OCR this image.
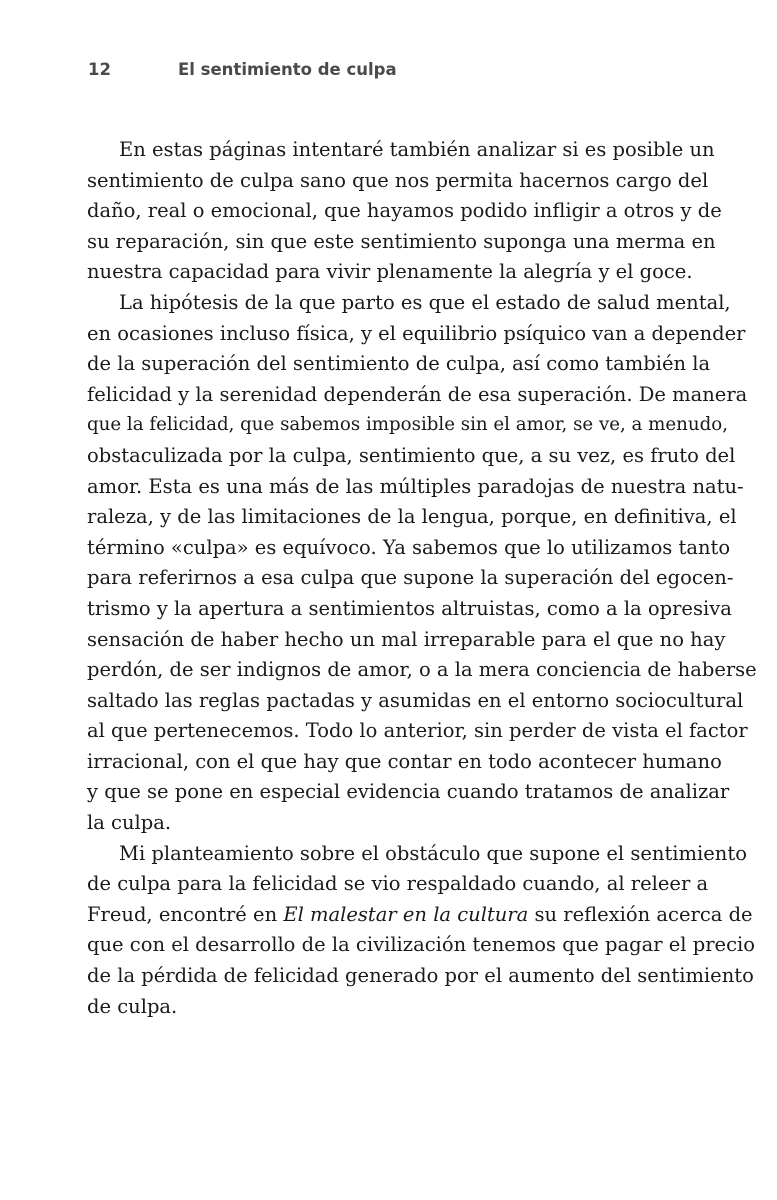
12	El sentimiento de culpa
En estas páginas intentaré también analizar si es posible un
sentimiento de culpa sano que nos permita hacernos cargo del
daño, real o emocional, que hayamos podido infligir a otros y de
su reparación, sin que este sentimiento suponga una merma en
nuestra capacidad para vivir plenamente la alegría y el goce.
La hipótesis de la que parto es que el estado de salud mental,
en ocasiones incluso física, y el equilibrio psíquico van a depender
de la superación del sentimiento de culpa, así como también la
felicidad y la serenidad dependerán de esa superación. De manera
que la felicidad, que sabemos imposible sin el amor, se ve, a menudo,
obstaculizada por la culpa, sentimiento que, a su vez, es fruto del
amor. Esta es una más de las múltiples paradojas de nuestra natu-
raleza, y de las limitaciones de la lengua, porque, en definitiva, el
término «culpa» es equívoco. Ya sabemos que lo utilizamos tanto
para referirnos a esa culpa que supone la superación del egocen-
trismo y la apertura a sentimientos altruistas, como a la opresiva
sensación de haber hecho un mal irreparable para el que no hay
perdón, de ser indignos de amor, o a la mera conciencia de haberse
saltado las reglas pactadas y asumidas en el entorno sociocultural
al que pertenecemos. Todo lo anterior, sin perder de vista el factor
irracional, con el que hay que contar en todo acontecer humano
y que se pone en especial evidencia cuando tratamos de analizar
la culpa.
Mi planteamiento sobre el obstáculo que supone el sentimiento
de culpa para la felicidad se vio respaldado cuando, al releer a
Freud, encontré en El malestar en la cultura su reflexión acerca de
que con el desarrollo de la civilización tenemos que pagar el precio
de la pérdida de felicidad generado por el aumento del sentimiento
de culpa.
